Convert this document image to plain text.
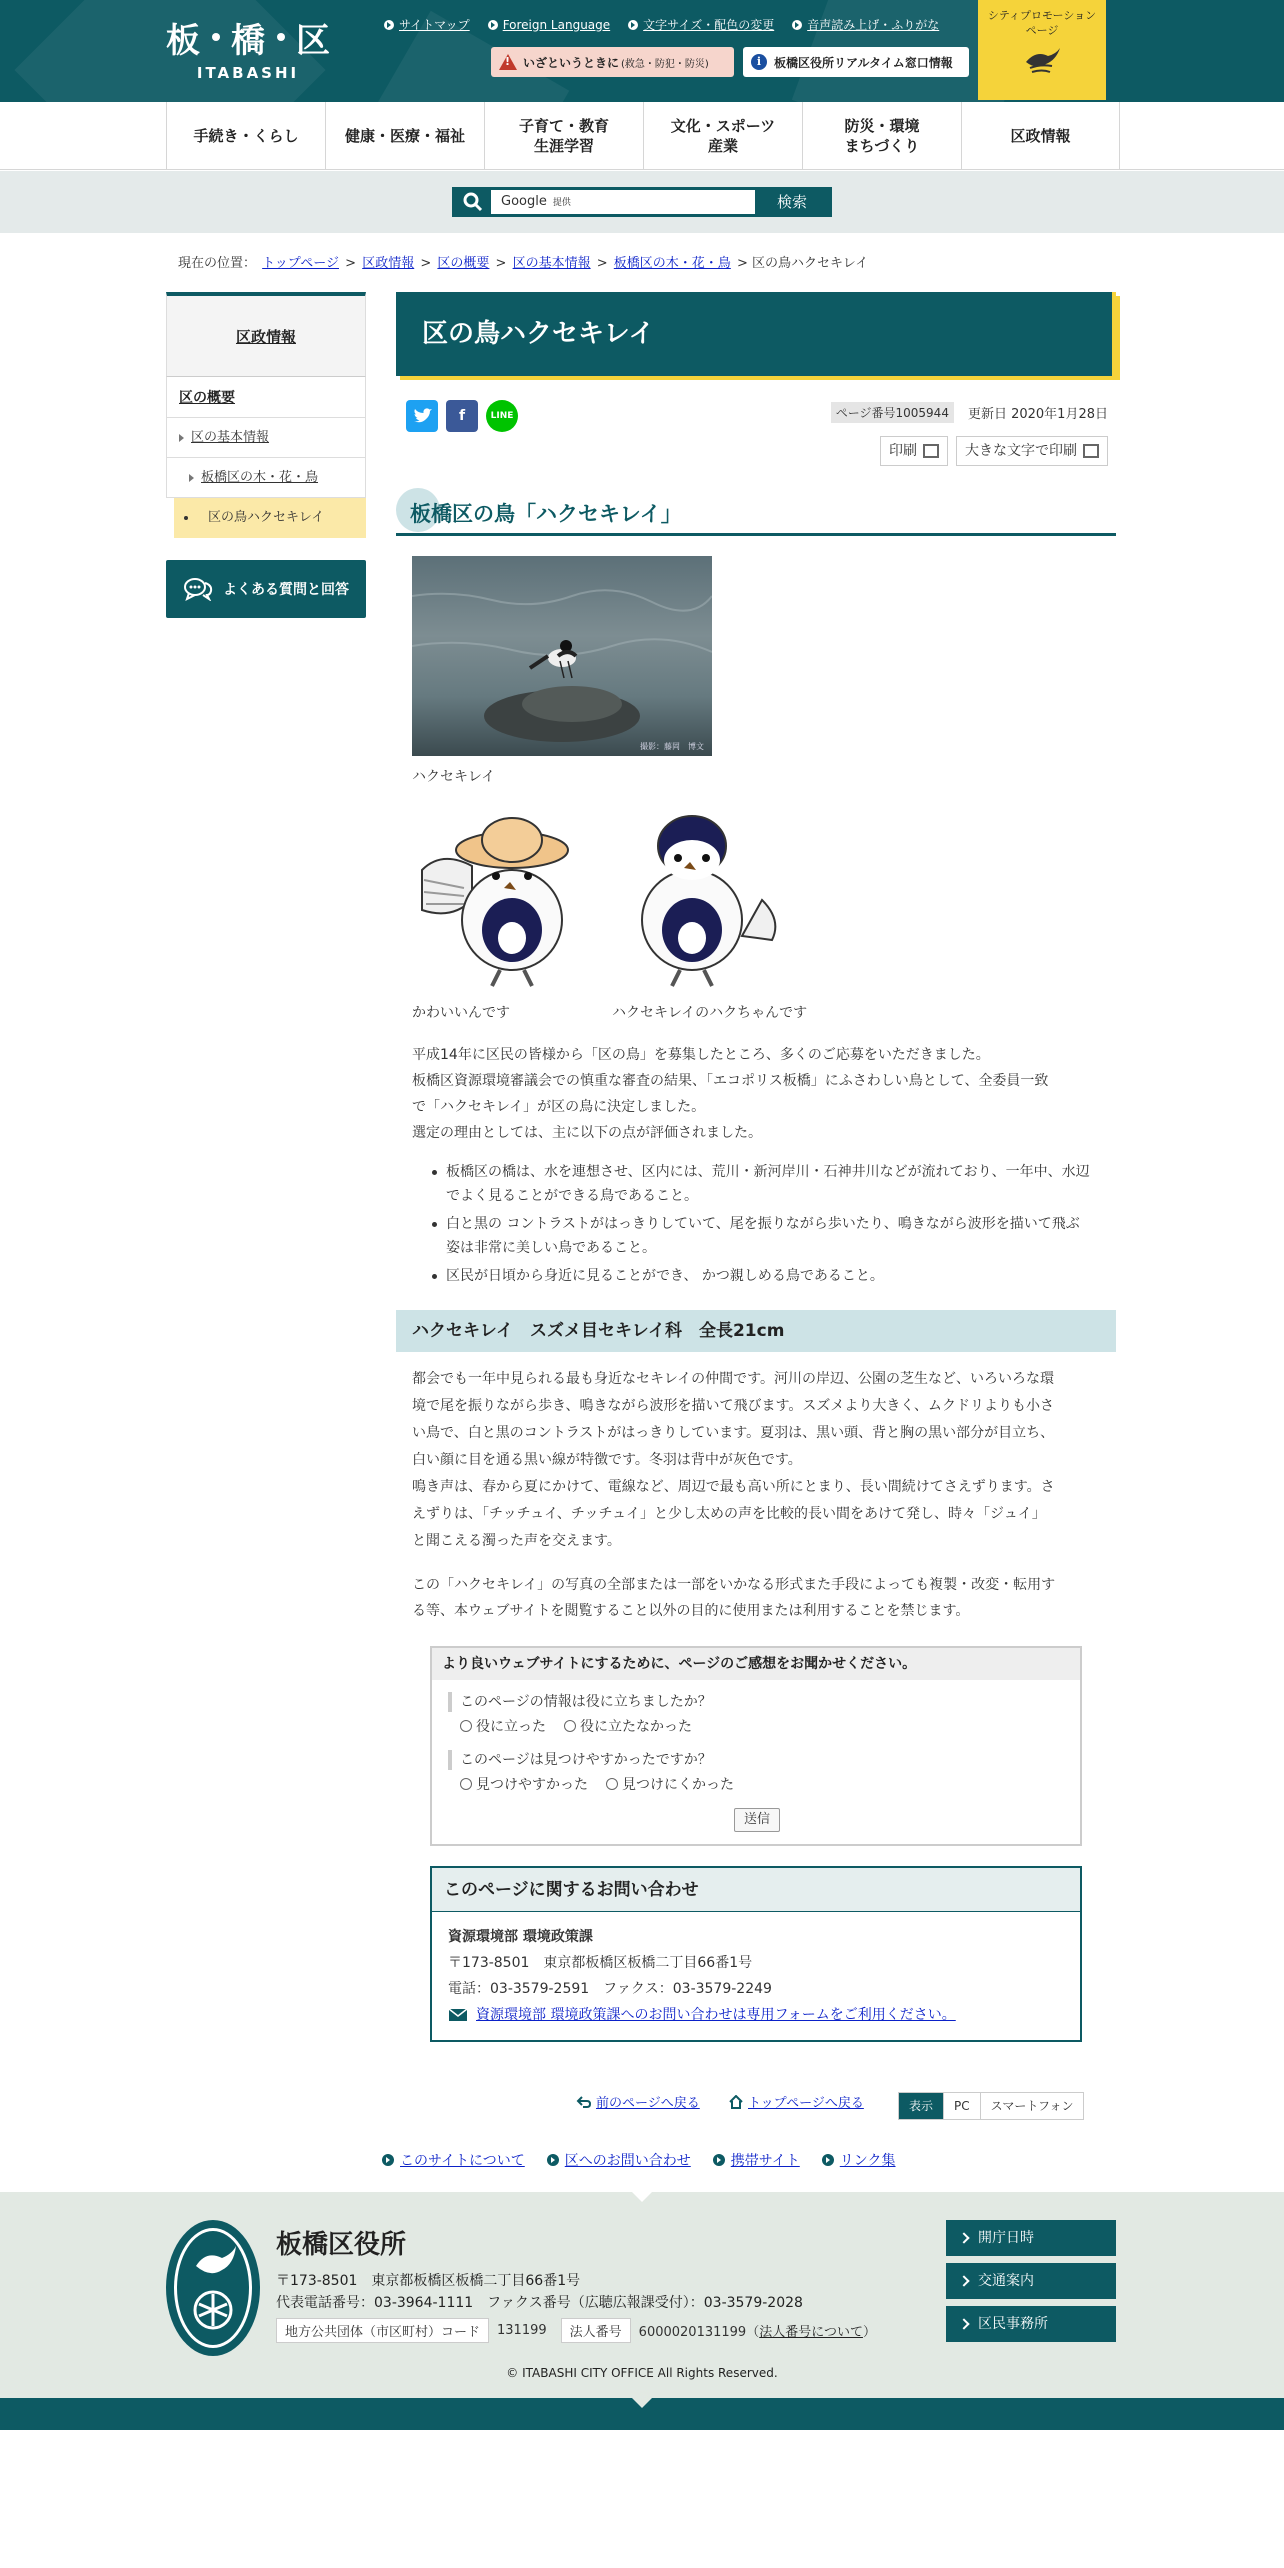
板 橋 区
ITABASHI
サイトマップ	Foreign Language	文字サイズ・配色の変更	音声読み上げ・ふりがな
!
いざというときに (救急・防犯・防災)	i	板橋区役所リアルタイム窓口情報
シティプロモーション
ページ
手続き・くらし	健康・医療・福祉

子育て・教育
生涯学習
文化・スポーツ
産業
防災・環境
まちづくり
区政情報

Google 提供	検索
現在の位置： トップページ > 区政情報 > 区の概要 > 区の基本情報 > 板橋区の木・花・鳥 > 区の鳥ハクセキレイ
区政情報
区の概要
区の基本情報
板橋区の木・花・鳥
区の鳥ハクセキレイ
よくある質問と回答
区の鳥ハクセキレイ
f	LINE	ページ番号1005944	更新日 2020年1月28日
印刷	大きな文字で印刷
板橋区の鳥「ハクセキレイ」
撮影：藤岡　博文
ハクセキレイ
かわいいんです	ハクセキレイのハクちゃんです
平成14年に区民の皆様から「区の鳥」を募集したところ、多くのご応募をいただきました。
板橋区資源環境審議会での慎重な審査の結果、「エコポリス板橋」にふさわしい鳥として、全委員一致
で「ハクセキレイ」が区の鳥に決定しました。
選定の理由としては、主に以下の点が評価されました。
板橋区の橋は、水を連想させ、区内には、荒川・新河岸川・石神井川などが流れており、一年中、水辺でよく見ることができる鳥であること。
白と黒の コントラストがはっきりしていて、尾を振りながら歩いたり、鳴きながら波形を描いて飛ぶ姿は非常に美しい鳥であること。
区民が日頃から身近に見ることができ、 かつ親しめる鳥であること。
ハクセキレイ　スズメ目セキレイ科　全長21cm
都会でも一年中見られる最も身近なセキレイの仲間です。河川の岸辺、公園の芝生など、いろいろな環
境で尾を振りながら歩き、鳴きながら波形を描いて飛びます。スズメより大きく、ムクドリよりも小さ
い鳥で、白と黒のコントラストがはっきりしています。夏羽は、黒い頭、背と胸の黒い部分が目立ち、
白い顔に目を通る黒い線が特徴です。冬羽は背中が灰色です。
鳴き声は、春から夏にかけて、電線など、周辺で最も高い所にとまり、長い間続けてさえずります。さ
えずりは、「チッチュイ、チッチュイ」と少し太めの声を比較的長い間をあけて発し、時々「ジュイ」
と聞こえる濁った声を交えます。
この「ハクセキレイ」の写真の全部または一部をいかなる形式また手段によっても複製・改変・転用す
る等、本ウェブサイトを閲覧すること以外の目的に使用または利用することを禁じます。
より良いウェブサイトにするために、ページのご感想をお聞かせください。
このページの情報は役に立ちましたか？
役に立った 役に立たなかった
このページは見つけやすかったですか？
見つけやすかった 見つけにくかった
送信
このページに関するお問い合わせ
資源環境部 環境政策課
〒173-8501　東京都板橋区板橋二丁目66番1号
電話：03-3579-2591　ファクス：03-3579-2249
資源環境部 環境政策課へのお問い合わせは専用フォームをご利用ください。
前のページへ戻る	トップページへ戻る	表示	PC	スマートフォン
このサイトについて	区へのお問い合わせ	携帯サイト	リンク集
板橋区役所
〒173-8501　東京都板橋区板橋二丁目66番1号
代表電話番号：03-3964-1111　ファクス番号（広聴広報課受付）：03-3579-2028
地方公共団体（市区町村）コード	131199	法人番号	6000020131199（法人番号について）
開庁日時
交通案内
区民事務所
© ITABASHI CITY OFFICE All Rights Reserved.
